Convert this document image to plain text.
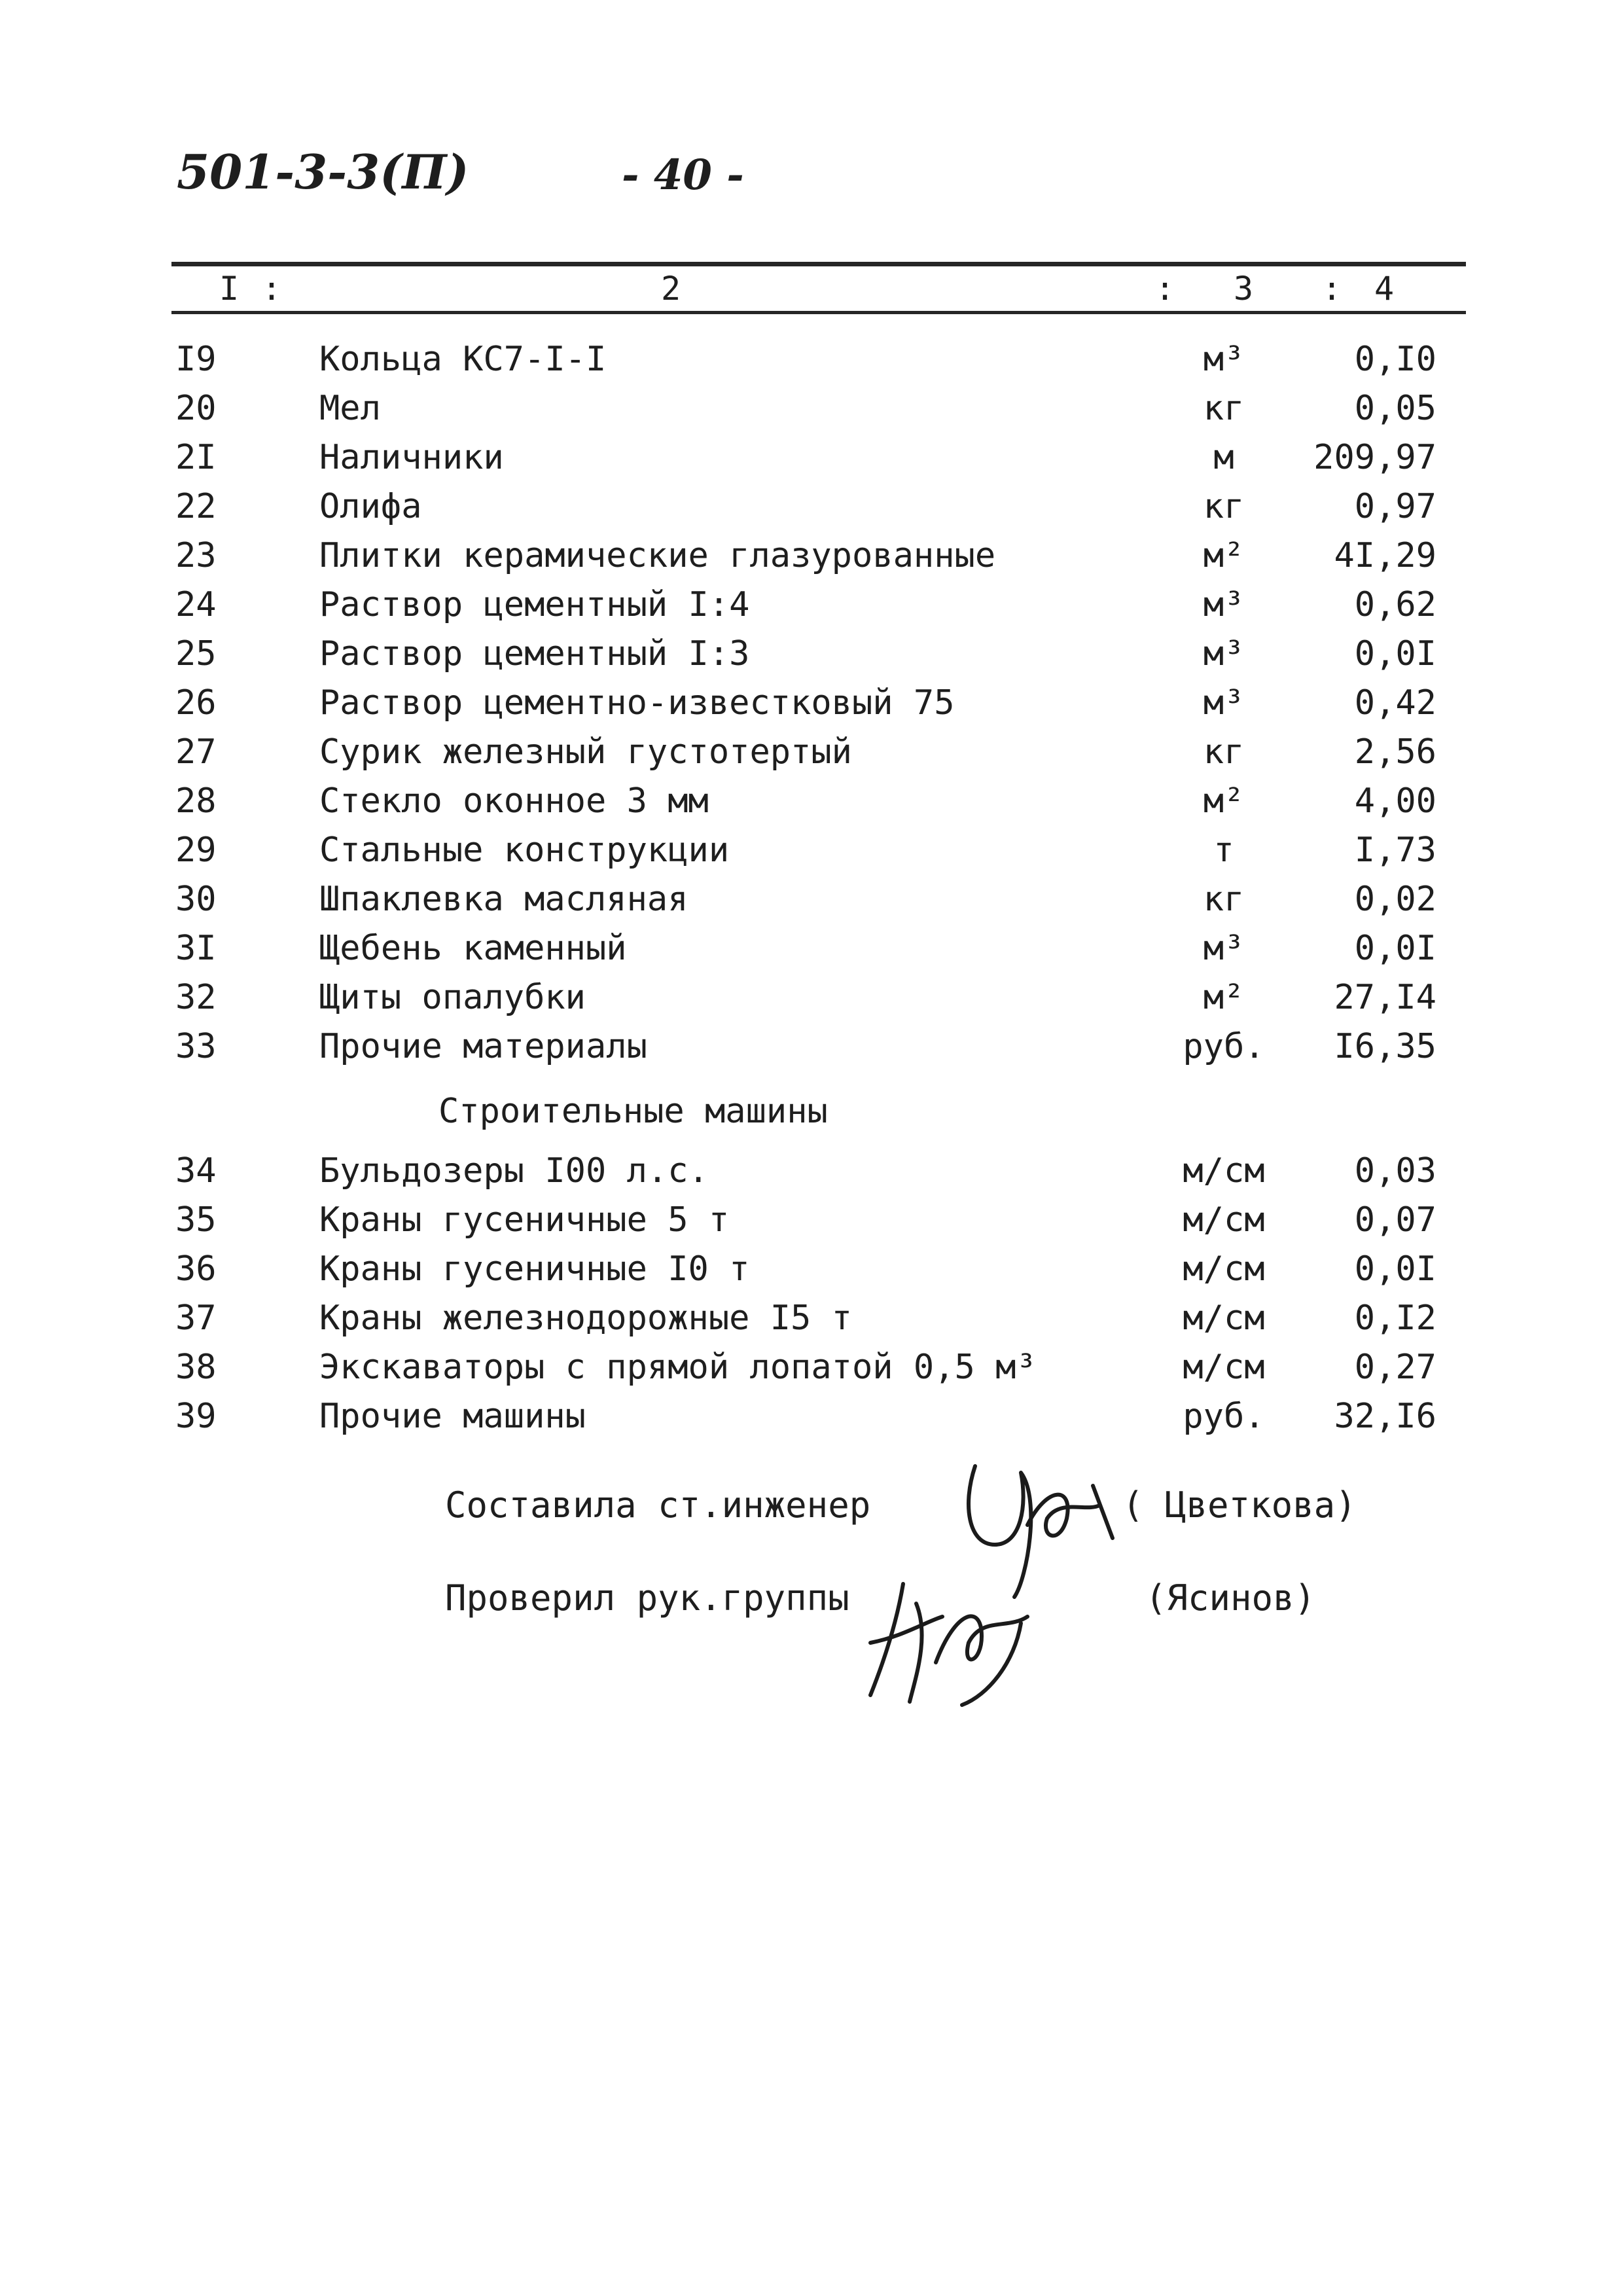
501-3-3(П)	- 40 -
I :	2	: 3 : 4
I9	Кольца КС7-I-I	м³	0,I0
20	Мел	кг	0,05
2I	Наличники	м	209,97
22	Олифа	кг	0,97
23	Плитки керамические глазурованные	м²	4I,29
24	Раствор цементный I:4	м³	0,62
25	Раствор цементный I:3	м³	0,0I
26	Раствор цементно-известковый 75	м³	0,42
27	Сурик железный густотертый	кг	2,56
28	Стекло оконное 3 мм	м²	4,00
29	Стальные конструкции	т	I,73
30	Шпаклевка масляная	кг	0,02
3I	Щебень каменный	м³	0,0I
32	Щиты опалубки	м²	27,I4
33	Прочие материалы	руб.	I6,35
Строительные машины
34	Бульдозеры I00 л.с.	м/см	0,03
35	Краны гусеничные 5 т	м/см	0,07
36	Краны гусеничные I0 т	м/см	0,0I
37	Краны железнодорожные I5 т	м/см	0,I2
38	Экскаваторы с прямой лопатой 0,5 м³	м/см	0,27
39	Прочие машины	руб.	32,I6
Составила ст.инженер	( Цветкова)
Проверил рук.группы	(Ясинов)
